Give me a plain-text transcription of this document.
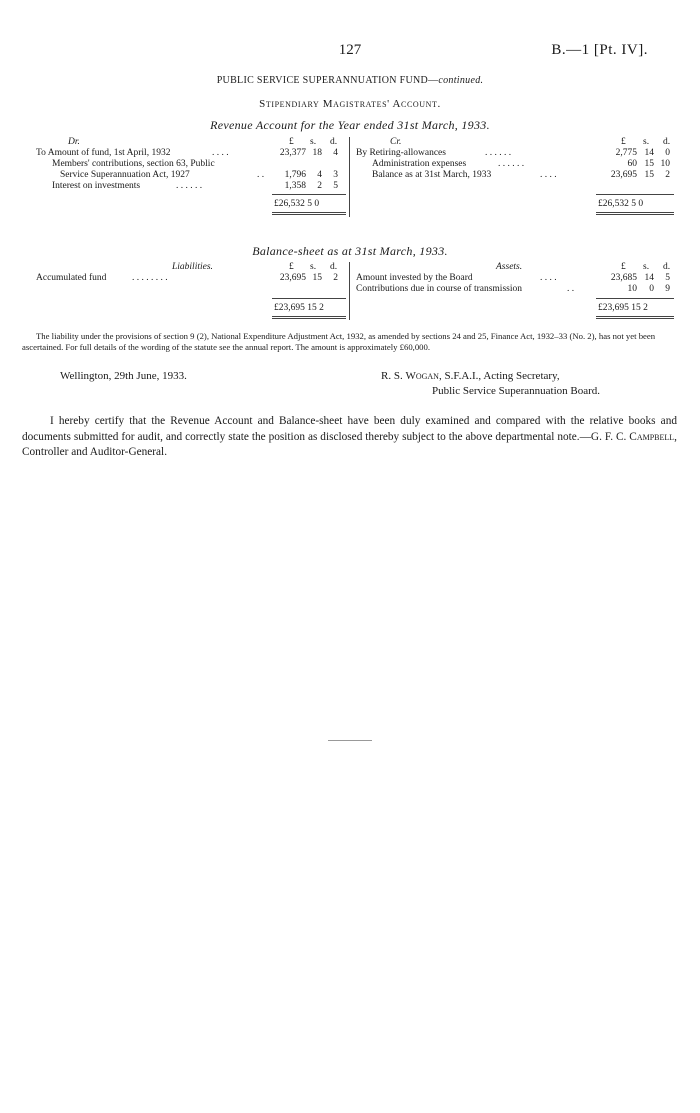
127	B.—1 [Pt. IV].
PUBLIC SERVICE SUPERANNUATION FUND—continued.
Stipendiary Magistrates' Account.
Revenue Account for the Year ended 31st March, 1933.
Dr.	£ s. d.
To Amount of fund, 1st April, 1932	. . . .	23,377 18	4
Members' contributions, section 63, Public
Service Superannuation Act, 1927	. .	1,796	4	3
Interest on investments	. . . . . .	1,358	2	5
£26,532 5 0
Cr.	£ s. d.
By Retiring-allowances	. . . . . .	2,775 14	0
Administration expenses	. . . . . .	60 15 10
Balance as at 31st March, 1933	. . . .	23,695 15	2
£26,532 5 0
Balance-sheet as at 31st March, 1933.
Liabilities.	£ s. d.
Accumulated fund	. . . . . . . .	23,695 15	2
£23,695 15 2
Assets.	£ s. d.
Amount invested by the Board	. . . .	23,685 14	5
Contributions due in course of transmission	. .	10	0	9
£23,695 15 2
The liability under the provisions of section 9 (2), National Expenditure Adjustment Act, 1932, as amended by sections 24 and 25, Finance Act, 1932–33 (No. 2), has not yet been ascertained. For full details of the wording of the statute see the annual report. The amount is approximately £60,000.
Wellington, 29th June, 1933.	R. S. Wogan, S.F.A.I., Acting Secretary,
Public Service Superannuation Board.
I hereby certify that the Revenue Account and Balance-sheet have been duly examined and compared with the relative books and documents submitted for audit, and correctly state the position as disclosed thereby subject to the above departmental note.—G. F. C. Campbell, Controller and Auditor-General.
